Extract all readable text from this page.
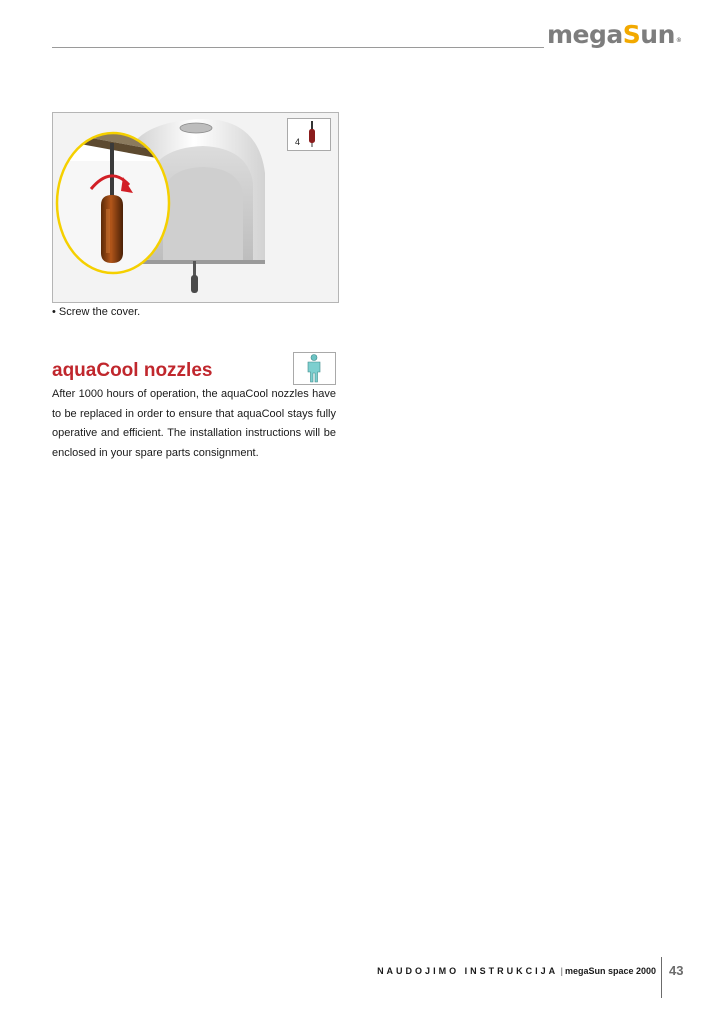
megaSun®
4
• Screw the cover.
aquaCool nozzles

After 1000 hours of operation, the aquaCool nozzles have to be replaced in order to ensure that aquaCool stays fully operative and efficient. The installation instructions will be enclosed in your spare parts consignment.

NAUDOJIMO INSTRUKCIJA | megaSun space 2000 43
